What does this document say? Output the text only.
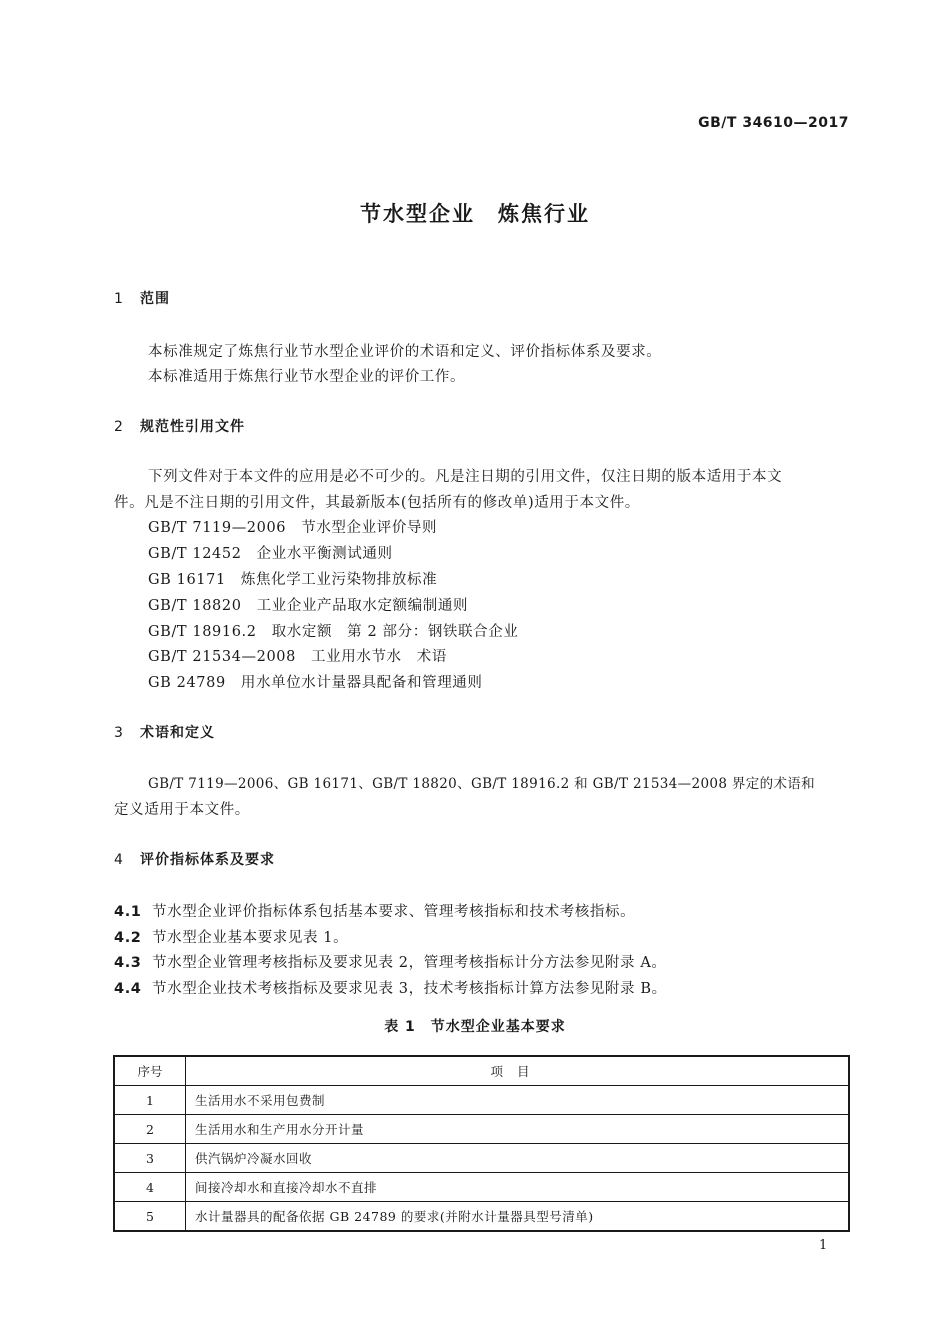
GB/T 34610—2017
节水型企业　炼焦行业
1 范围
本标准规定了炼焦行业节水型企业评价的术语和定义、评价指标体系及要求。
本标准适用于炼焦行业节水型企业的评价工作。
2 规范性引用文件
下列文件对于本文件的应用是必不可少的。凡是注日期的引用文件，仅注日期的版本适用于本文
件。凡是不注日期的引用文件，其最新版本(包括所有的修改单)适用于本文件。
GB/T 7119—2006　 节水型企业评价导则
GB/T 12452　 企业水平衡测试通则
GB 16171　 炼焦化学工业污染物排放标准
GB/T 18820　 工业企业产品取水定额编制通则
GB/T 18916.2　 取水定额　第 2 部分：钢铁联合企业
GB/T 21534—2008　 工业用水节水　术语
GB 24789　 用水单位水计量器具配备和管理通则
3 术语和定义
GB/T 7119—2006、GB 16171、GB/T 18820、GB/T 18916.2 和 GB/T 21534—2008 界定的术语和
定义适用于本文件。
4 评价指标体系及要求
4.1 节水型企业评价指标体系包括基本要求、管理考核指标和技术考核指标。
4.2 节水型企业基本要求见表 1。
4.3 节水型企业管理考核指标及要求见表 2，管理考核指标计分方法参见附录 A。
4.4 节水型企业技术考核指标及要求见表 3，技术考核指标计算方法参见附录 B。
表 1　节水型企业基本要求
序号	项目
1	生活用水不采用包费制
2	生活用水和生产用水分开计量
3	供汽锅炉冷凝水回收
4	间接冷却水和直接冷却水不直排
5	水计量器具的配备依据 GB 24789 的要求(并附水计量器具型号清单)
1
